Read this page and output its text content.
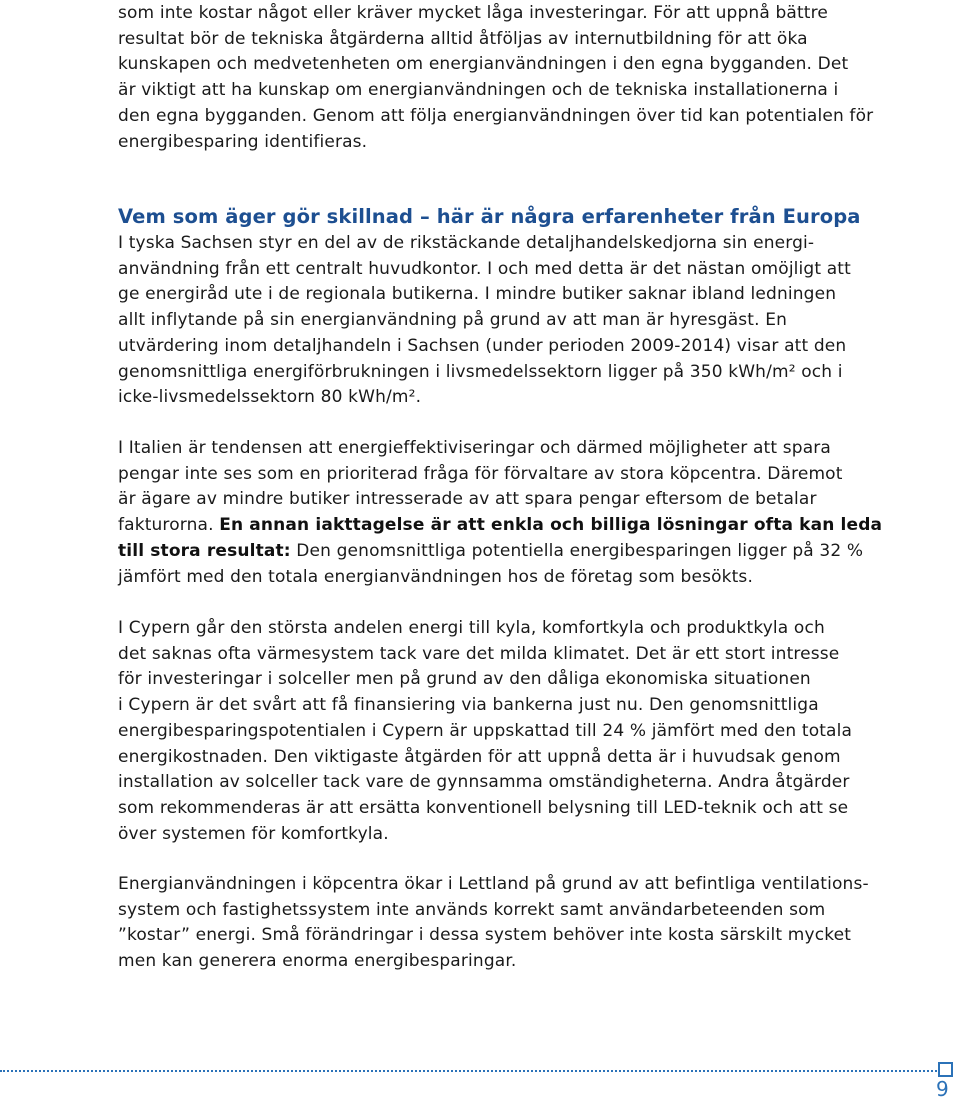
som inte kostar något eller kräver mycket låga investeringar. För att uppnå bättre
resultat bör de tekniska åtgärderna alltid åtföljas av internutbildning för att öka
kunskapen och medvetenheten om energianvändningen i den egna bygganden. Det
är viktigt att ha kunskap om energianvändningen och de tekniska installationerna i
den egna bygganden. Genom att följa energianvändningen över tid kan potentialen för
energibesparing identifieras.

Vem som äger gör skillnad – här är några erfarenheter från Europa

I tyska Sachsen styr en del av de rikstäckande detaljhandelskedjorna sin energi-
användning från ett centralt huvudkontor. I och med detta är det nästan omöjligt att
ge energiråd ute i de regionala butikerna. I mindre butiker saknar ibland ledningen
allt inflytande på sin energianvändning på grund av att man är hyresgäst. En
utvärdering inom detaljhandeln i Sachsen (under perioden 2009-2014) visar att den
genomsnittliga energiförbrukningen i livsmedelssektorn ligger på 350 kWh/m² och i
icke-livsmedelssektorn 80 kWh/m².

I Italien är tendensen att energieffektiviseringar och därmed möjligheter att spara
pengar inte ses som en prioriterad fråga för förvaltare av stora köpcentra. Däremot
är ägare av mindre butiker intresserade av att spara pengar eftersom de betalar
fakturorna. En annan iakttagelse är att enkla och billiga lösningar ofta kan leda
till stora resultat: Den genomsnittliga potentiella energibesparingen ligger på 32 %
jämfört med den totala energianvändningen hos de företag som besökts.

I Cypern går den största andelen energi till kyla, komfortkyla och produktkyla och
det saknas ofta värmesystem tack vare det milda klimatet. Det är ett stort intresse
för investeringar i solceller men på grund av den dåliga ekonomiska situationen
i Cypern är det svårt att få finansiering via bankerna just nu. Den genomsnittliga
energibesparingspotentialen i Cypern är uppskattad till 24 % jämfört med den totala
energikostnaden. Den viktigaste åtgärden för att uppnå detta är i huvudsak genom
installation av solceller tack vare de gynnsamma omständigheterna. Andra åtgärder
som rekommenderas är att ersätta konventionell belysning till LED-teknik och att se
över systemen för komfortkyla.

Energianvändningen i köpcentra ökar i Lettland på grund av att befintliga ventilations-
system och fastighetssystem inte används korrekt samt användarbeteenden som
”kostar” energi. Små förändringar i dessa system behöver inte kosta särskilt mycket
men kan generera enorma energibesparingar.

9
